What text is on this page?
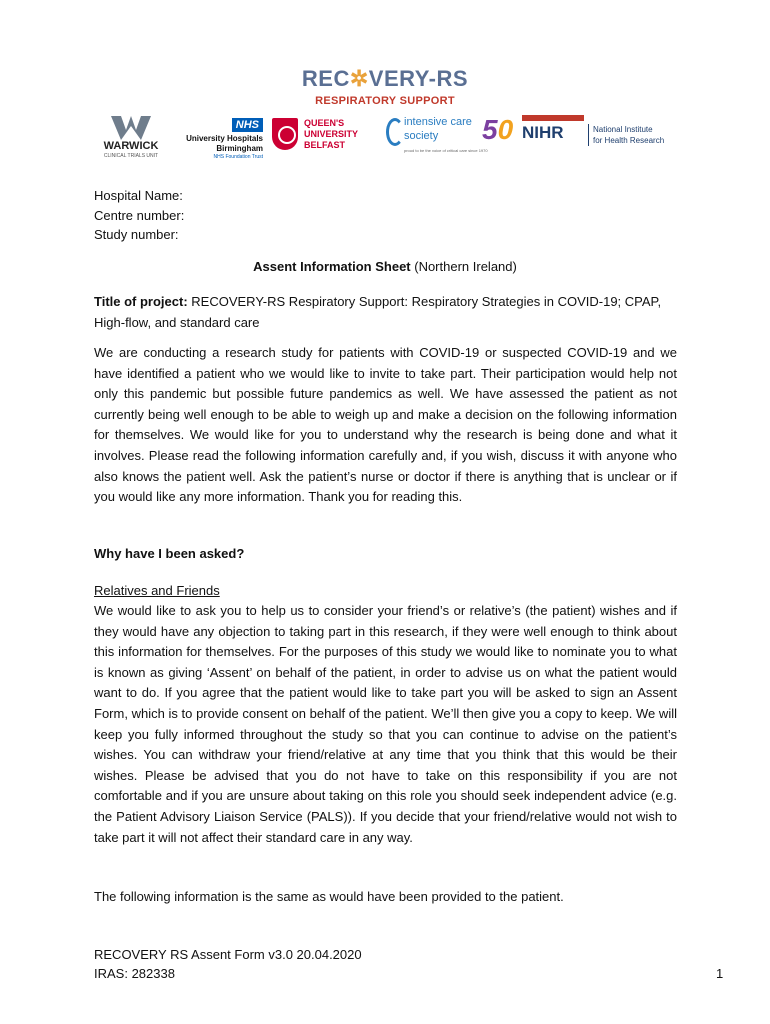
REC✲VERY-RS
RESPIRATORY SUPPORT
WARWICK
CLINICAL TRIALS UNIT
NHS
University Hospitals
Birmingham
NHS Foundation Trust
QUEEN'S
UNIVERSITY
BELFAST
intensive care
society
proud to be the voice of critical care since 1970
50 NIHR	National Institute
for Health Research
Hospital Name:
Centre number:
Study number:
Assent Information Sheet (Northern Ireland)
Title of project: RECOVERY-RS Respiratory Support: Respiratory Strategies in COVID-19; CPAP, High-flow, and standard care
We are conducting a research study for patients with COVID-19 or suspected COVID-19 and we have identified a patient who we would like to invite to take part. Their participation would help not only this pandemic but possible future pandemics as well. We have assessed the patient as not currently being well enough to be able to weigh up and make a decision on the following information for themselves. We would like for you to understand why the research is being done and what it involves. Please read the following information carefully and, if you wish, discuss it with anyone who also knows the patient well. Ask the patient’s nurse or doctor if there is anything that is unclear or if you would like any more information. Thank you for reading this.
Why have I been asked?
Relatives and Friends
We would like to ask you to help us to consider your friend’s or relative’s (the patient) wishes and if they would have any objection to taking part in this research, if they were well enough to think about this information for themselves. For the purposes of this study we would like to nominate you to what is known as giving ‘Assent’ on behalf of the patient, in order to advise us on what the patient would want to do. If you agree that the patient would like to take part you will be asked to sign an Assent Form, which is to provide consent on behalf of the patient. We’ll then give you a copy to keep. We will keep you fully informed throughout the study so that you can continue to advise on the patient’s wishes. You can withdraw your friend/relative at any time that you think that this would be their wishes. Please be advised that you do not have to take on this responsibility if you are not comfortable and if you are unsure about taking on this role you should seek independent advice (e.g. the Patient Advisory Liaison Service (PALS)). If you decide that your friend/relative would not wish to take part it will not affect their standard care in any way.
The following information is the same as would have been provided to the patient.
RECOVERY RS Assent Form v3.0 20.04.2020
IRAS: 282338	1
